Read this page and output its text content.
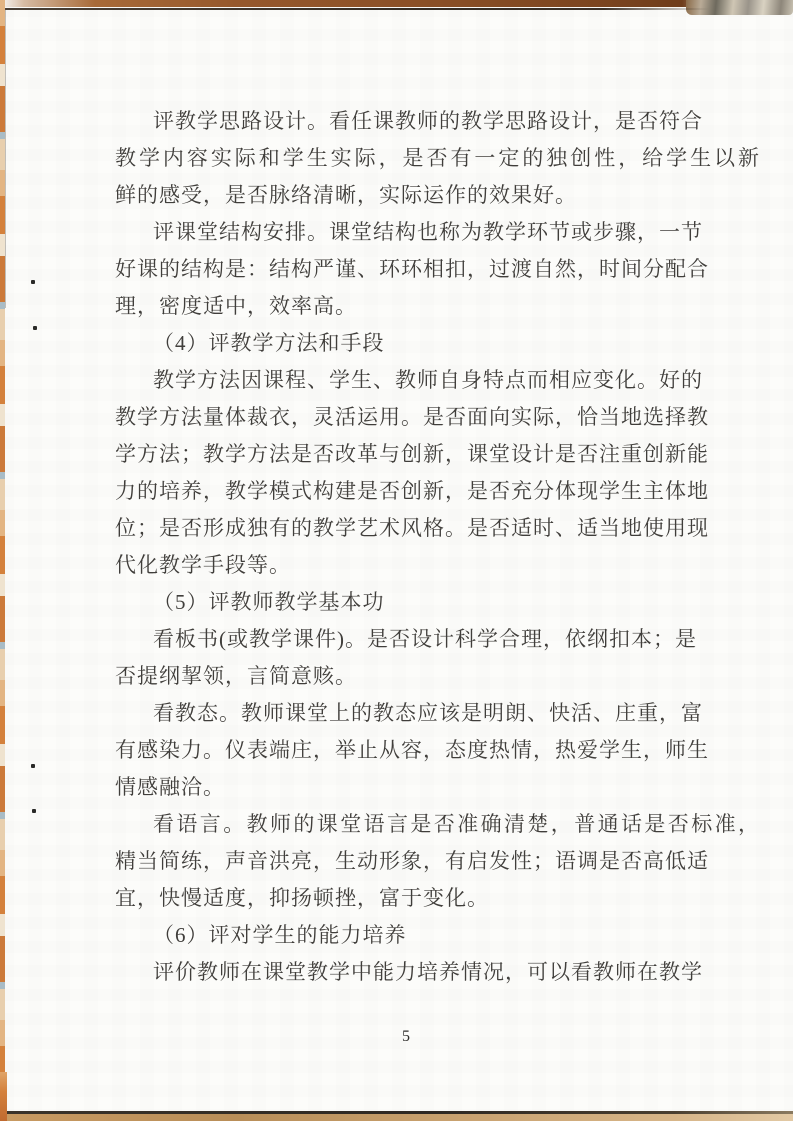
评教学思路设计。看任课教师的教学思路设计，是否符合
教学内容实际和学生实际，是否有一定的独创性，给学生以新
鲜的感受，是否脉络清晰，实际运作的效果好。
评课堂结构安排。课堂结构也称为教学环节或步骤，一节
好课的结构是：结构严谨、环环相扣，过渡自然，时间分配合
理，密度适中，效率高。
（4）评教学方法和手段
教学方法因课程、学生、教师自身特点而相应变化。好的
教学方法量体裁衣，灵活运用。是否面向实际，恰当地选择教
学方法；教学方法是否改革与创新，课堂设计是否注重创新能
力的培养，教学模式构建是否创新，是否充分体现学生主体地
位；是否形成独有的教学艺术风格。是否适时、适当地使用现
代化教学手段等。
（5）评教师教学基本功
看板书(或教学课件)。是否设计科学合理，依纲扣本；是
否提纲挈领，言简意赅。
看教态。教师课堂上的教态应该是明朗、快活、庄重，富
有感染力。仪表端庄，举止从容，态度热情，热爱学生，师生
情感融洽。
看语言。教师的课堂语言是否准确清楚，普通话是否标准，
精当简练，声音洪亮，生动形象，有启发性；语调是否高低适
宜，快慢适度，抑扬顿挫，富于变化。
（6）评对学生的能力培养
评价教师在课堂教学中能力培养情况，可以看教师在教学
5
